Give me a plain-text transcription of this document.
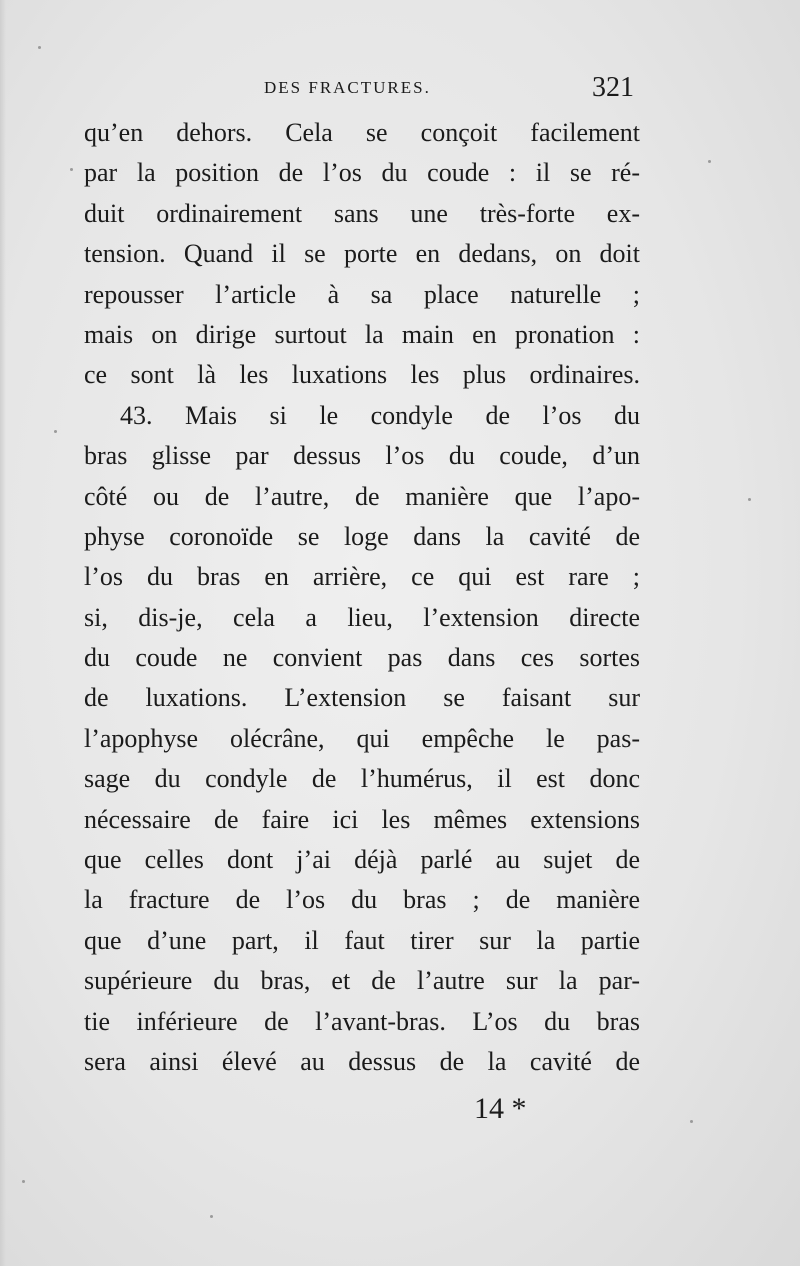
DES FRACTURES.	321
qu’en dehors. Cela se conçoit facilement
par la position de l’os du coude : il se ré-
duit ordinairement sans une très-forte ex-
tension. Quand il se porte en dedans, on doit
repousser l’article à sa place naturelle ;
mais on dirige surtout la main en pronation :
ce sont là les luxations les plus ordinaires.
43. Mais si le condyle de l’os du
bras glisse par dessus l’os du coude, d’un
côté ou de l’autre, de manière que l’apo-
physe coronoïde se loge dans la cavité de
l’os du bras en arrière, ce qui est rare ;
si, dis-je, cela a lieu, l’extension directe
du coude ne convient pas dans ces sortes
de luxations. L’extension se faisant sur
l’apophyse olécrâne, qui empêche le pas-
sage du condyle de l’humérus, il est donc
nécessaire de faire ici les mêmes extensions
que celles dont j’ai déjà parlé au sujet de
la fracture de l’os du bras ; de manière
que d’une part, il faut tirer sur la partie
supérieure du bras, et de l’autre sur la par-
tie inférieure de l’avant-bras. L’os du bras
sera ainsi élevé au dessus de la cavité de
14 *
